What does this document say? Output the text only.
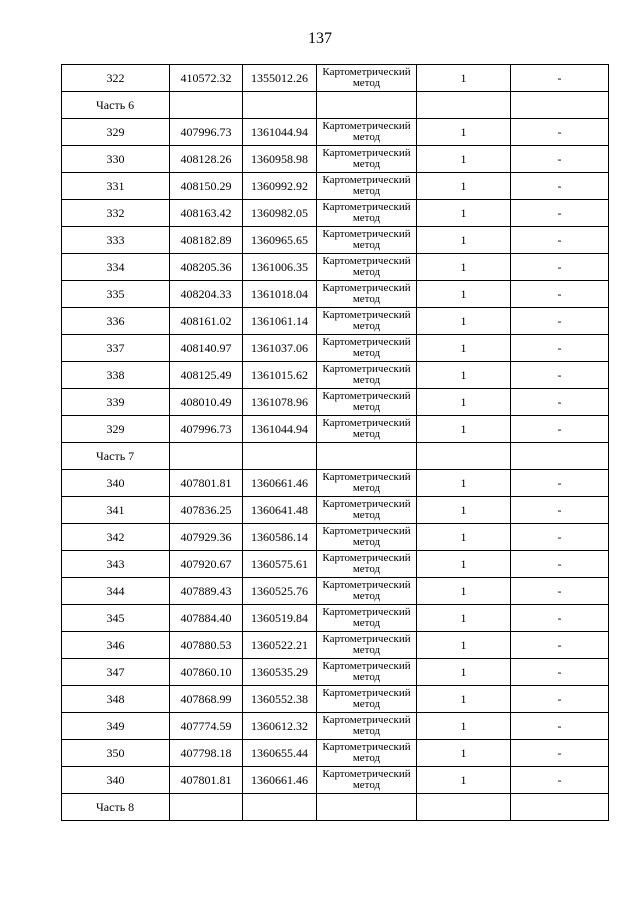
137
322	410572.32	1355012.26	Картометрический метод	1	-
Часть 6					
329	407996.73	1361044.94	Картометрический метод	1	-
330	408128.26	1360958.98	Картометрический метод	1	-
331	408150.29	1360992.92	Картометрический метод	1	-
332	408163.42	1360982.05	Картометрический метод	1	-
333	408182.89	1360965.65	Картометрический метод	1	-
334	408205.36	1361006.35	Картометрический метод	1	-
335	408204.33	1361018.04	Картометрический метод	1	-
336	408161.02	1361061.14	Картометрический метод	1	-
337	408140.97	1361037.06	Картометрический метод	1	-
338	408125.49	1361015.62	Картометрический метод	1	-
339	408010.49	1361078.96	Картометрический метод	1	-
329	407996.73	1361044.94	Картометрический метод	1	-
Часть 7					
340	407801.81	1360661.46	Картометрический метод	1	-
341	407836.25	1360641.48	Картометрический метод	1	-
342	407929.36	1360586.14	Картометрический метод	1	-
343	407920.67	1360575.61	Картометрический метод	1	-
344	407889.43	1360525.76	Картометрический метод	1	-
345	407884.40	1360519.84	Картометрический метод	1	-
346	407880.53	1360522.21	Картометрический метод	1	-
347	407860.10	1360535.29	Картометрический метод	1	-
348	407868.99	1360552.38	Картометрический метод	1	-
349	407774.59	1360612.32	Картометрический метод	1	-
350	407798.18	1360655.44	Картометрический метод	1	-
340	407801.81	1360661.46	Картометрический метод	1	-
Часть 8					
